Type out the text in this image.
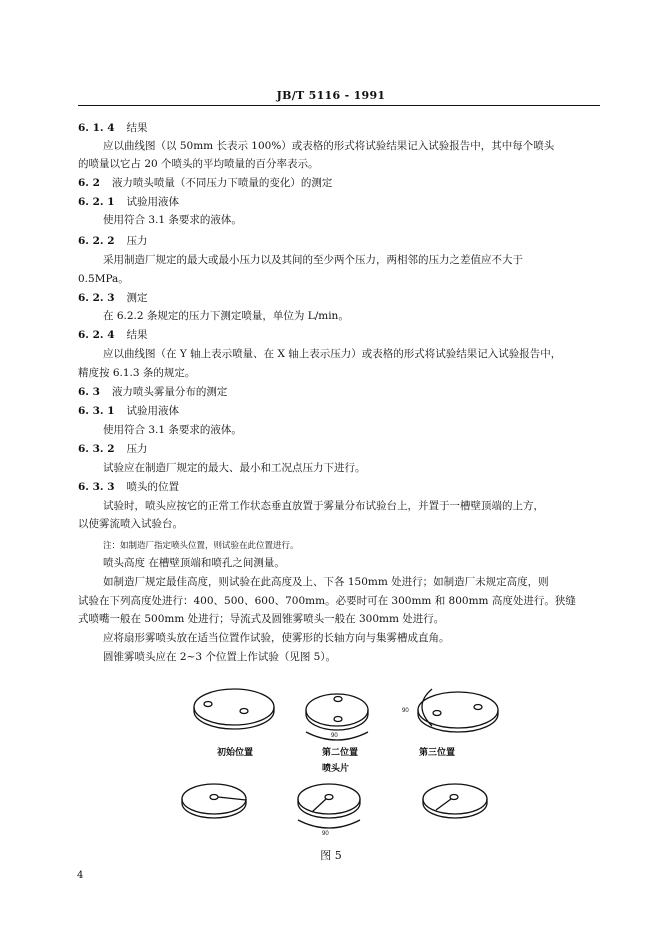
JB/T 5116 - 1991
6. 1. 4 结果
应以曲线图（以 50mm 长表示 100%）或表格的形式将试验结果记入试验报告中，其中每个喷头
的喷量以它占 20 个喷头的平均喷量的百分率表示。
6. 2 液力喷头喷量（不同压力下喷量的变化）的测定
6. 2. 1 试验用液体
使用符合 3.1 条要求的液体。
6. 2. 2 压力
采用制造厂规定的最大或最小压力以及其间的至少两个压力，两相邻的压力之差值应不大于
0.5MPa。
6. 2. 3 测定
在 6.2.2 条规定的压力下测定喷量，单位为 L/min。
6. 2. 4 结果
应以曲线图（在 Y 轴上表示喷量、在 X 轴上表示压力）或表格的形式将试验结果记入试验报告中，
精度按 6.1.3 条的规定。
6. 3 液力喷头雾量分布的测定
6. 3. 1 试验用液体
使用符合 3.1 条要求的液体。
6. 3. 2 压力
试验应在制造厂规定的最大、最小和工况点压力下进行。
6. 3. 3 喷头的位置
试验时，喷头应按它的正常工作状态垂直放置于雾量分布试验台上，并置于一槽壁顶端的上方，
以使雾流喷入试验台。
注：如制造厂指定喷头位置，则试验在此位置进行。
喷头高度 在槽壁顶端和喷孔之间测量。
如制造厂规定最佳高度，则试验在此高度及上、下各 150mm 处进行；如制造厂未规定高度，则
试验在下列高度处进行：400、500、600、700mm。必要时可在 300mm 和 800mm 高度处进行。狭缝
式喷嘴一般在 500mm 处进行；导流式及圆锥雾喷头一般在 300mm 处进行。
应将扇形雾喷头放在适当位置作试验，使雾形的长轴方向与集雾槽成直角。
圆锥雾喷头应在 2~3 个位置上作试验（见图 5）。
90
90
90
初始位置	第二位置	第三位置
喷头片
图 5
4
